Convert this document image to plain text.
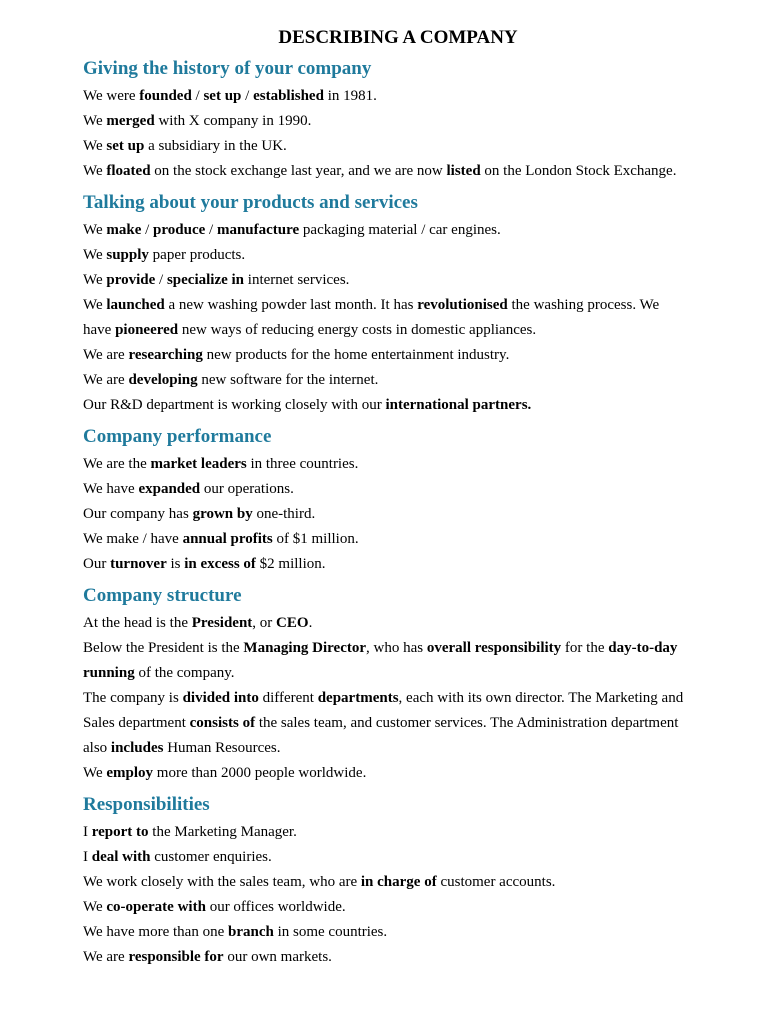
DESCRIBING A COMPANY
Giving the history of your company

We were founded / set up / established in 1981.

We merged with X company in 1990.

We set up a subsidiary in the UK.

We floated on the stock exchange last year, and we are now listed on the London Stock Exchange.

Talking about your products and services

We make / produce / manufacture packaging material / car engines.

We supply paper products.

We provide / specialize in internet services.

We launched a new washing powder last month. It has revolutionised the washing process. We

have pioneered new ways of reducing energy costs in domestic appliances.

We are researching new products for the home entertainment industry.

We are developing new software for the internet.

Our R&D department is working closely with our international partners.

Company performance

We are the market leaders in three countries.

We have expanded our operations.

Our company has grown by one-third.

We make / have annual profits of $1 million.

Our turnover is in excess of $2 million.

Company structure

At the head is the President, or CEO.

Below the President is the Managing Director, who has overall responsibility for the day-to-day

running of the company.

The company is divided into different departments, each with its own director. The Marketing and

Sales department consists of the sales team, and customer services. The Administration department

also includes Human Resources.

We employ more than 2000 people worldwide.

Responsibilities

I report to the Marketing Manager.

I deal with customer enquiries.

We work closely with the sales team, who are in charge of customer accounts.

We co-operate with our offices worldwide.

We have more than one branch in some countries.

We are responsible for our own markets.
